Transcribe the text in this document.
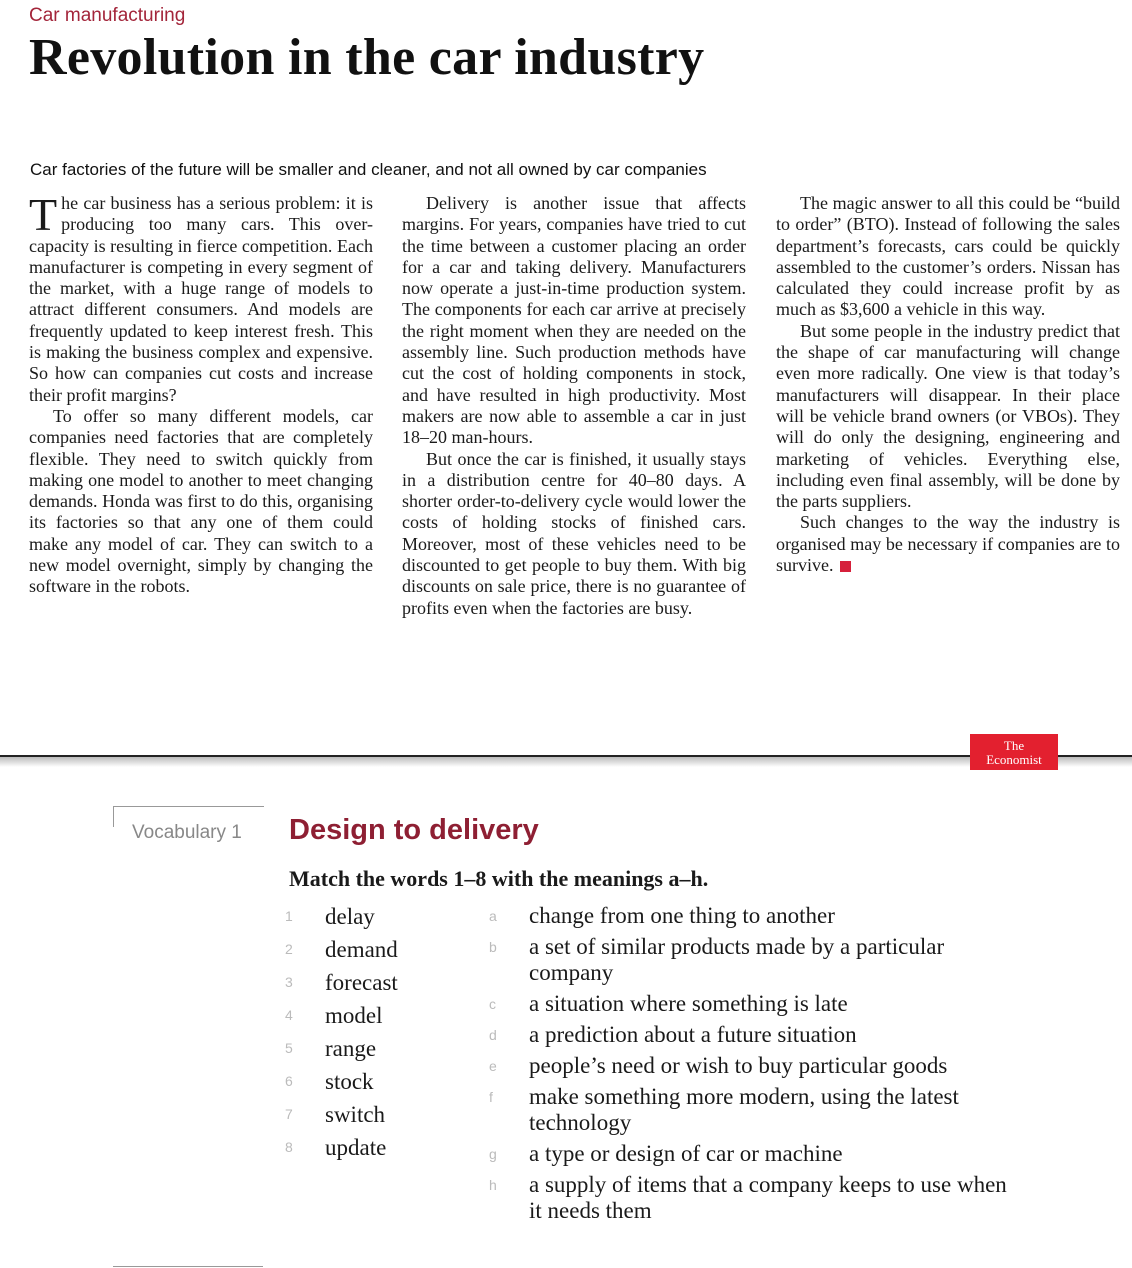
Car manufacturing
Revolution in the car industry
Car factories of the future will be smaller and cleaner, and not all owned by car companies

The car business has a serious problem: it is producing too many cars. This over-capacity is resulting in fierce competition. Each manufacturer is competing in every segment of the market, with a huge range of models to attract different consumers. And models are frequently updated to keep interest fresh. This is making the business complex and expensive. So how can companies cut costs and increase their profit margins?

To offer so many different models, car companies need factories that are completely flexible. They need to switch quickly from making one model to another to meet changing demands. Honda was first to do this, organising its factories so that any one of them could make any model of car. They can switch to a new model overnight, simply by changing the software in the robots.

Delivery is another issue that affects margins. For years, companies have tried to cut the time between a customer placing an order for a car and taking delivery. Manufacturers now operate a just-in-time production system. The components for each car arrive at precisely the right moment when they are needed on the assembly line. Such production methods have cut the cost of holding components in stock, and have resulted in high productivity. Most makers are now able to assemble a car in just 18–20 man-hours.

But once the car is finished, it usually stays in a distribution centre for 40–80 days. A shorter order-to-delivery cycle would lower the costs of holding stocks of finished cars. Moreover, most of these vehicles need to be discounted to get people to buy them. With big discounts on sale price, there is no guarantee of profits even when the factories are busy.

The magic answer to all this could be “build to order” (BTO). Instead of following the sales department’s forecasts, cars could be quickly assembled to the customer’s orders. Nissan has calculated they could increase profit by as much as $3,600 a vehicle in this way.

But some people in the industry predict that the shape of car manufacturing will change even more radically. One view is that today’s manufacturers will disappear. In their place will be vehicle brand owners (or VBOs). They will do only the designing, engineering and marketing of vehicles. Everything else, including even final assembly, will be done by the parts suppliers.

Such changes to the way the industry is organised may be necessary if companies are to survive.

The
Economist
Vocabulary 1 Design to delivery
Match the words 1–8 with the meanings a–h.
1	delay
2	demand
3	forecast
4	model
5	range
6	stock
7	switch
8	update
a	change from one thing to another
b	a set of similar products made by a particular company
c	a situation where something is late
d	a prediction about a future situation
e	people’s need or wish to buy particular goods
f	make something more modern, using the latest technology
g	a type or design of car or machine
h	a supply of items that a company keeps to use when it needs them
